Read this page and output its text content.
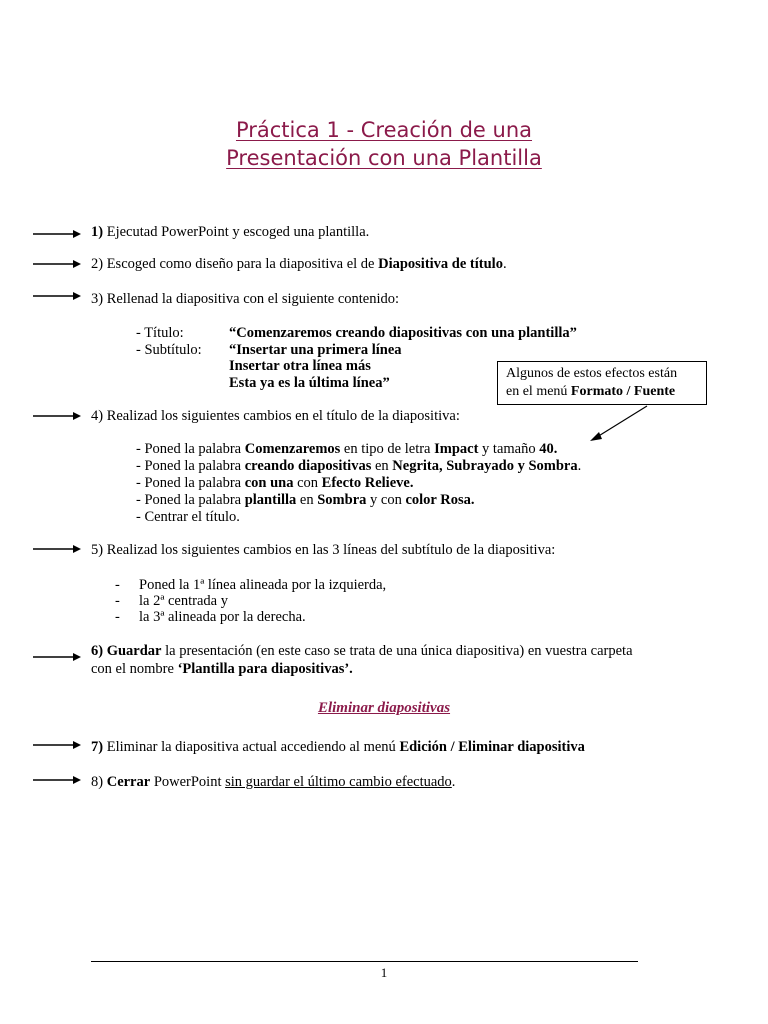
Práctica 1 - Creación de una
Presentación con una Plantilla
1) Ejecutad PowerPoint y escoged una plantilla.
2) Escoged como diseño para la diapositiva el de Diapositiva de título.
3) Rellenad la diapositiva con el siguiente contenido:
- Título:	“Comenzaremos creando diapositivas con una plantilla”
- Subtítulo: “Insertar una primera línea
Insertar otra línea más
Esta ya es la última línea”
Algunos de estos efectos están
en el menú Formato / Fuente
4) Realizad los siguientes cambios en el título de la diapositiva:
- Poned la palabra Comenzaremos en tipo de letra Impact y tamaño 40.
- Poned la palabra creando diapositivas en Negrita, Subrayado y Sombra.
- Poned la palabra con una con Efecto Relieve.
- Poned la palabra plantilla en Sombra y con color Rosa.
- Centrar el título.
5) Realizad los siguientes cambios en las 3 líneas del subtítulo de la diapositiva:
- Poned la 1ª línea alineada por la izquierda,
- la 2ª centrada y
- la 3ª alineada por la derecha.
6) Guardar la presentación (en este caso se trata de una única diapositiva) en vuestra carpeta
con el nombre ‘Plantilla para diapositivas’.
Eliminar diapositivas
7) Eliminar la diapositiva actual accediendo al menú Edición / Eliminar diapositiva
8) Cerrar PowerPoint sin guardar el último cambio efectuado.
1
